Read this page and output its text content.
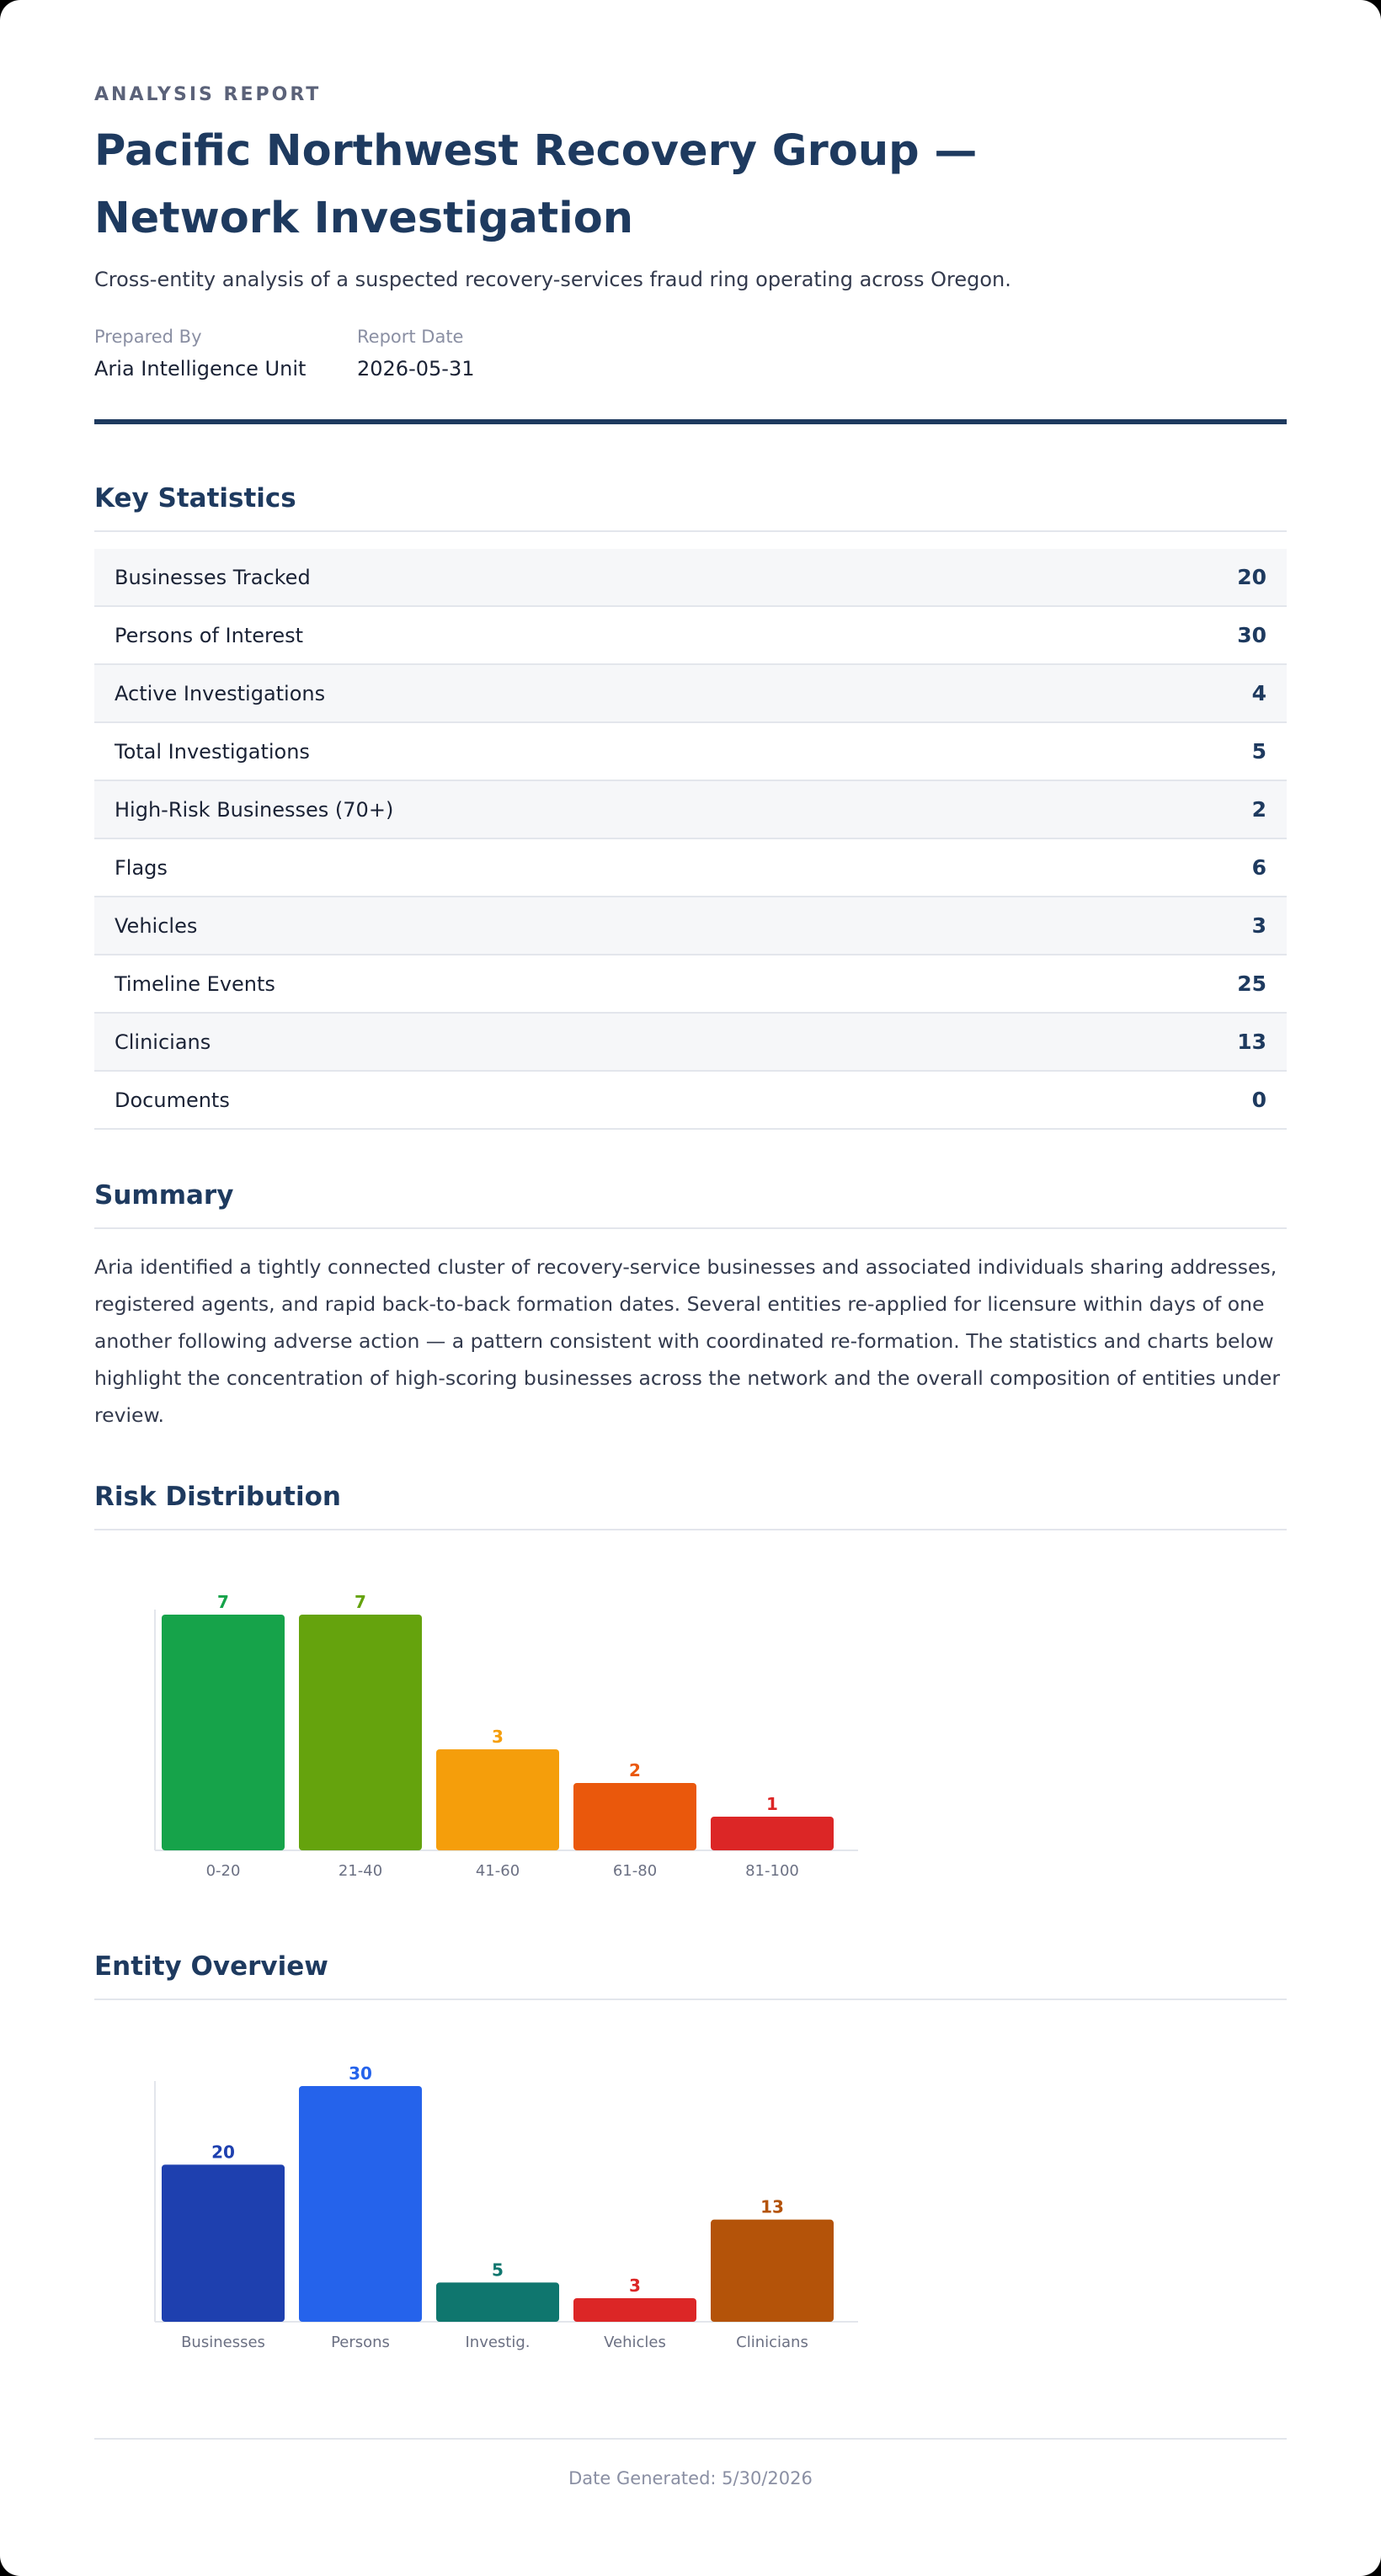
ANALYSIS REPORT
Pacific Northwest Recovery Group — Network Investigation
Cross-entity analysis of a suspected recovery-services fraud ring operating across Oregon.
Prepared By
Aria Intelligence Unit
Report Date
2026-05-31
Key Statistics
Businesses Tracked	20
Persons of Interest	30
Active Investigations	4
Total Investigations	5
High-Risk Businesses (70+)	2
Flags	6
Vehicles	3
Timeline Events	25
Clinicians	13
Documents	0
Summary
Aria identified a tightly connected cluster of recovery-service businesses and associated individuals sharing addresses, registered agents, and rapid back-to-back formation dates. Several entities re-applied for licensure within days of one another following adverse action — a pattern consistent with coordinated re-formation. The statistics and charts below highlight the concentration of high-scoring businesses across the network and the overall composition of entities under review.
Risk Distribution
7
0-20
7
21-40
3
41-60
2
61-80
1
81-100
Entity Overview
20
Businesses
30
Persons
5
Investig.
3
Vehicles
13
Clinicians
Date Generated: 5/30/2026
